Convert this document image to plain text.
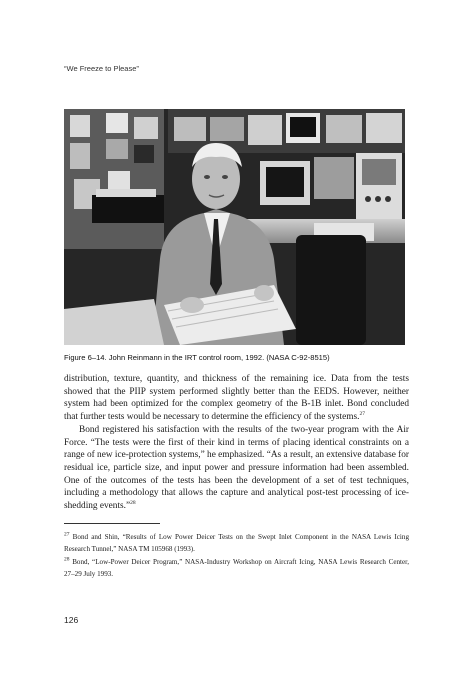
“We Freeze to Please”
Figure 6–14. John Reinmann in the IRT control room, 1992. (NASA C-92-8515)

distribution, texture, quantity, and thickness of the remaining ice. Data from the tests showed that the PIIP system performed slightly better than the EEDS. However, neither system had been optimized for the complex geometry of the B-1B inlet. Bond concluded that further tests would be necessary to determine the efficiency of the systems.$^{27}$

Bond registered his satisfaction with the results of the two-year program with the Air Force. “The tests were the first of their kind in terms of placing identical constraints on a range of new ice-protection systems,” he emphasized. “As a result, an extensive database for residual ice, particle size, and input power and pressure information had been assembled. One of the outcomes of the tests has been the development of a set of test techniques, including a methodology that allows the capture and analytical post-test processing of ice-shedding events.”$^{28}$

$^{27}$ Bond and Shin, “Results of Low Power Deicer Tests on the Swept Inlet Component in the NASA Lewis Icing Research Tunnel,” NASA TM 105968 (1993).

$^{28}$ Bond, “Low-Power Deicer Program,” NASA-Industry Workshop on Aircraft Icing, NASA Lewis Research Center, 27–29 July 1993.

126
